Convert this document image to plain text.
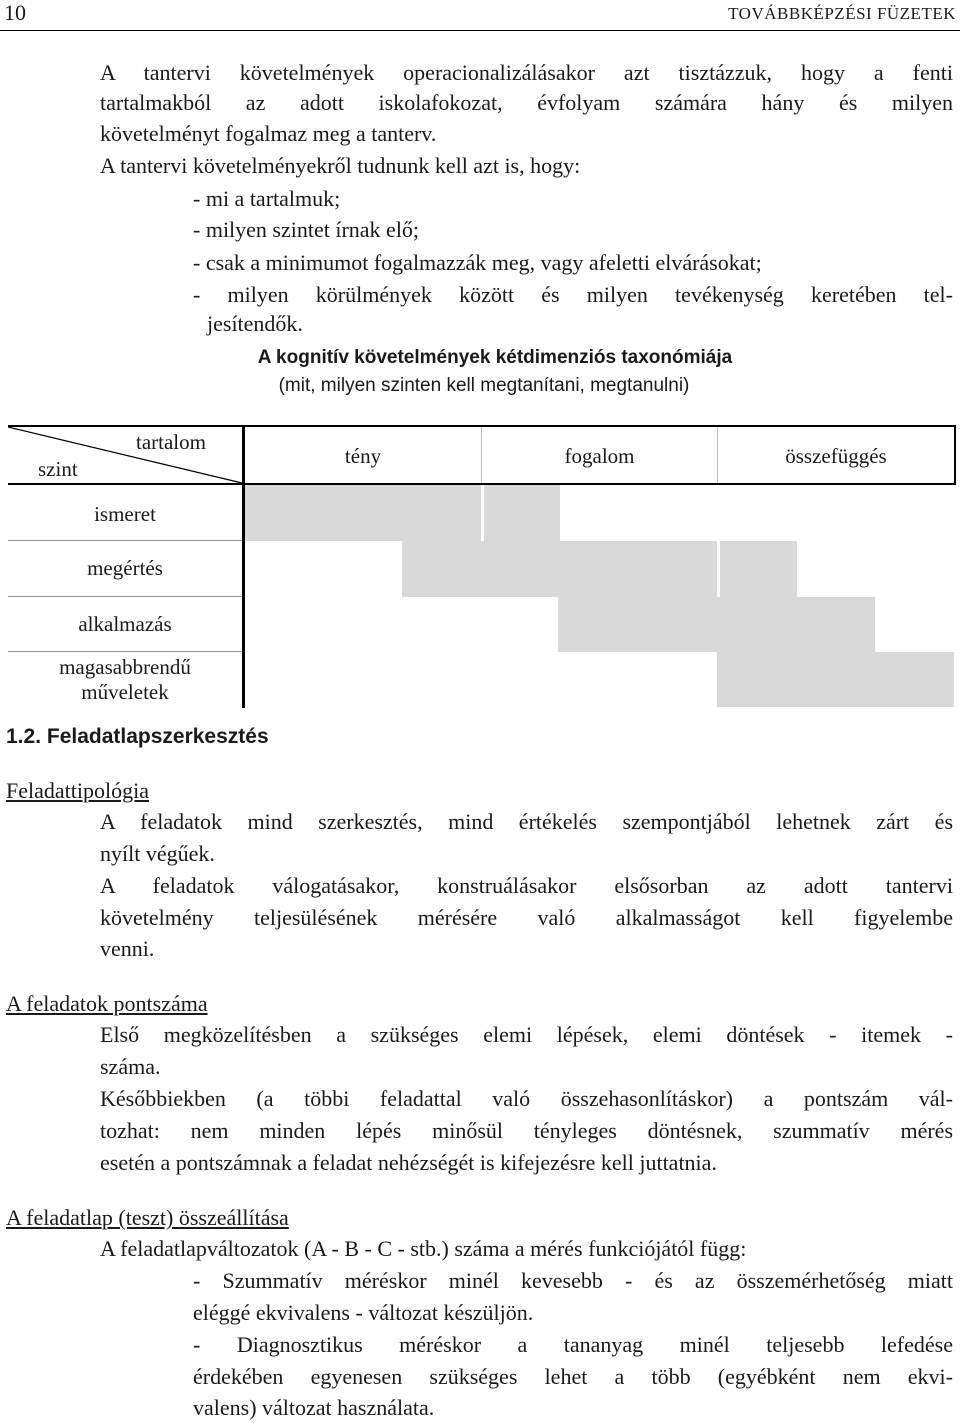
10	TOVÁBBKÉPZÉSI FÜZETEK
A tantervi követelmények operacionalizálásakor azt tisztázzuk, hogy a fenti
tartalmakból az adott iskolafokozat, évfolyam számára hány és milyen
követelményt fogalmaz meg a tanterv.
A tantervi követelményekről tudnunk kell azt is, hogy:
- mi a tartalmuk;
- milyen szintet írnak elő;
- csak a minimumot fogalmazzák meg, vagy afeletti elvárásokat;
- milyen körülmények között és milyen tevékenység keretében tel-
jesítendők.
A kognitív követelmények kétdimenziós taxonómiája
(mit, milyen szinten kell megtanítani, megtanulni)
tartalom
szint
tény	fogalom	összefüggés
ismeret
megértés
alkalmazás
magasabbrendű
műveletek
1.2. Feladatlapszerkesztés
Feladattipológia
A feladatok mind szerkesztés, mind értékelés szempontjából lehetnek zárt és
nyílt végűek.
A feladatok válogatásakor, konstruálásakor elsősorban az adott tantervi
követelmény teljesülésének mérésére való alkalmasságot kell figyelembe
venni.
A feladatok pontszáma
Első megközelítésben a szükséges elemi lépések, elemi döntések - itemek -
száma.
Későbbiekben (a többi feladattal való összehasonlításkor) a pontszám vál-
tozhat: nem minden lépés minősül tényleges döntésnek, szummatív mérés
esetén a pontszámnak a feladat nehézségét is kifejezésre kell juttatnia.
A feladatlap (teszt) összeállítása
A feladatlapváltozatok (A - B - C - stb.) száma a mérés funkciójától függ:
- Szummatív méréskor minél kevesebb - és az összemérhetőség miatt
eléggé ekvivalens - változat készüljön.
- Diagnosztikus méréskor a tananyag minél teljesebb lefedése
érdekében egyenesen szükséges lehet a több (egyébként nem ekvi-
valens) változat használata.
